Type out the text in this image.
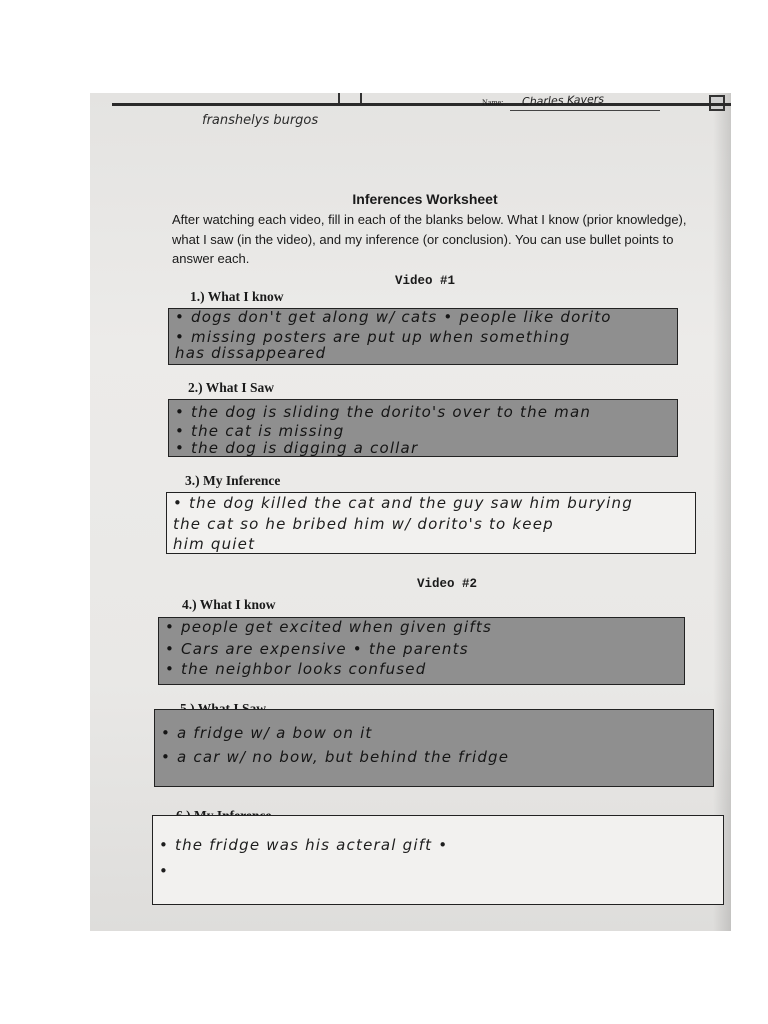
Name: Charles Kavers
franshelys burgos
Inferences Worksheet
After watching each video, fill in each of the blanks below. What I know (prior knowledge), what I saw (in the video), and my inference (or conclusion). You can use bullet points to answer each.
Video #1
1.) What I know
• dogs don't get along w/ cats • people like dorito
• missing posters are put up when something
has dissappeared
2.) What I Saw
• the dog is sliding the dorito's over to the man
• the cat is missing
• the dog is digging a collar
3.) My Inference
• the dog killed the cat and the guy saw him burying
the cat so he bribed him w/ dorito's to keep
him quiet
Video #2
4.) What I know
• people get excited when given gifts
• Cars are expensive • the parents
• the neighbor looks confused
• a fridge w/ a bow on it
• a car w/ no bow, but behind the fridge
• the fridge was his acteral gift •
•
